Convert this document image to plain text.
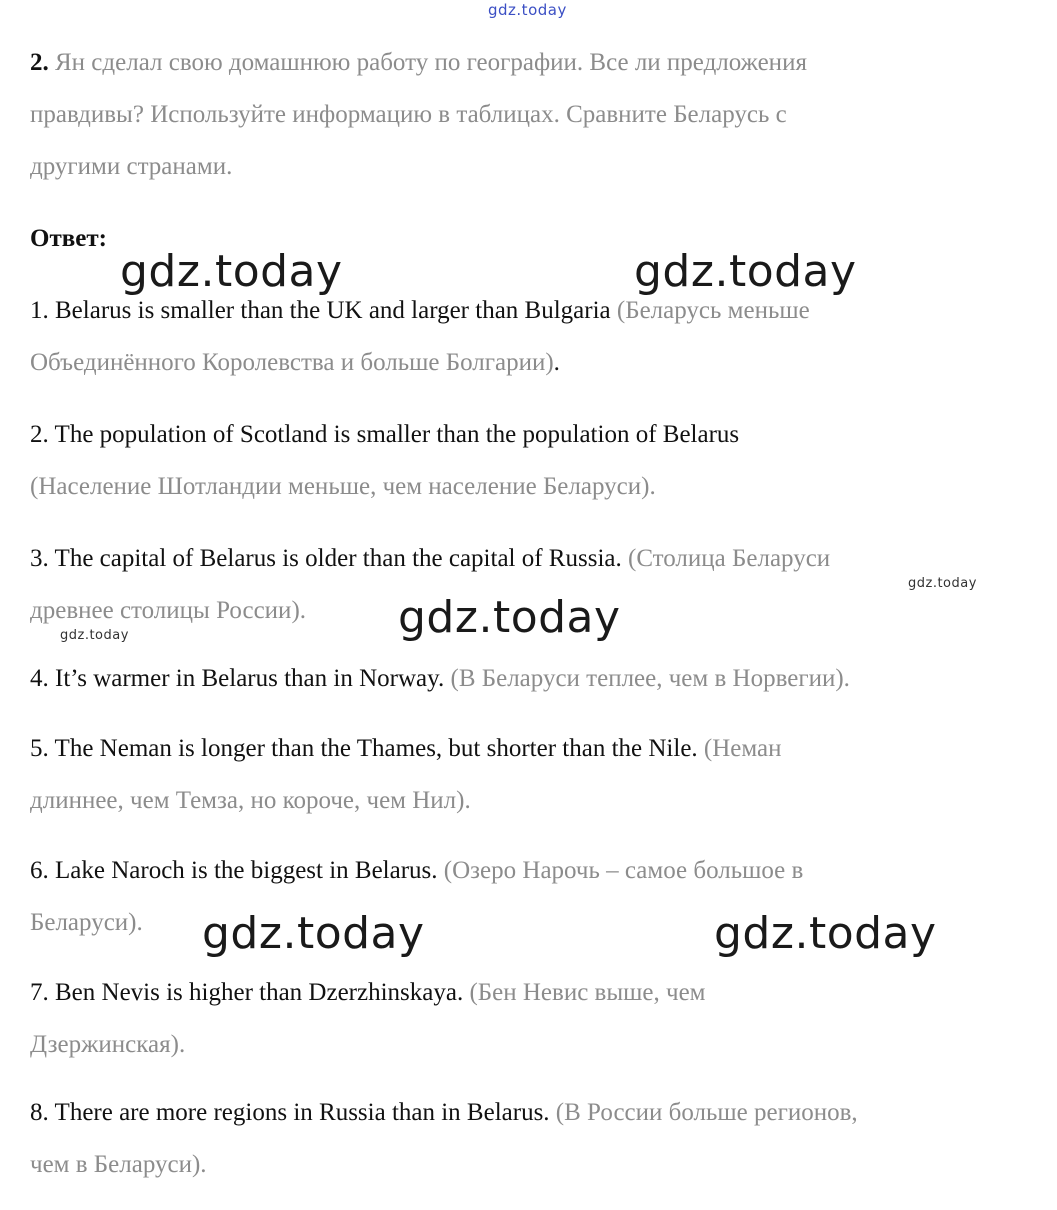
gdz.today
2. Ян сделал свою домашнюю работу по географии. Все ли предложения
правдивы? Используйте информацию в таблицах. Сравните Беларусь с
другими странами.
Ответ:
1. Belarus is smaller than the UK and larger than Bulgaria (Беларусь меньше
Объединённого Королевства и больше Болгарии).
2. The population of Scotland is smaller than the population of Belarus
(Население Шотландии меньше, чем население Беларуси).
3. The capital of Belarus is older than the capital of Russia. (Столица Беларуси
древнее столицы России).
4. It’s warmer in Belarus than in Norway. (В Беларуси теплее, чем в Норвегии).
5. The Neman is longer than the Thames, but shorter than the Nile. (Неман
длиннее, чем Темза, но короче, чем Нил).
6. Lake Naroch is the biggest in Belarus. (Озеро Нарочь – самое большое в
Беларуси).
7. Ben Nevis is higher than Dzerzhinskaya. (Бен Невис выше, чем
Дзержинская).
8. There are more regions in Russia than in Belarus. (В России больше регионов,
чем в Беларуси).
gdz.today	gdz.today
gdz.today
gdz.today
gdz.today
gdz.today	gdz.today
